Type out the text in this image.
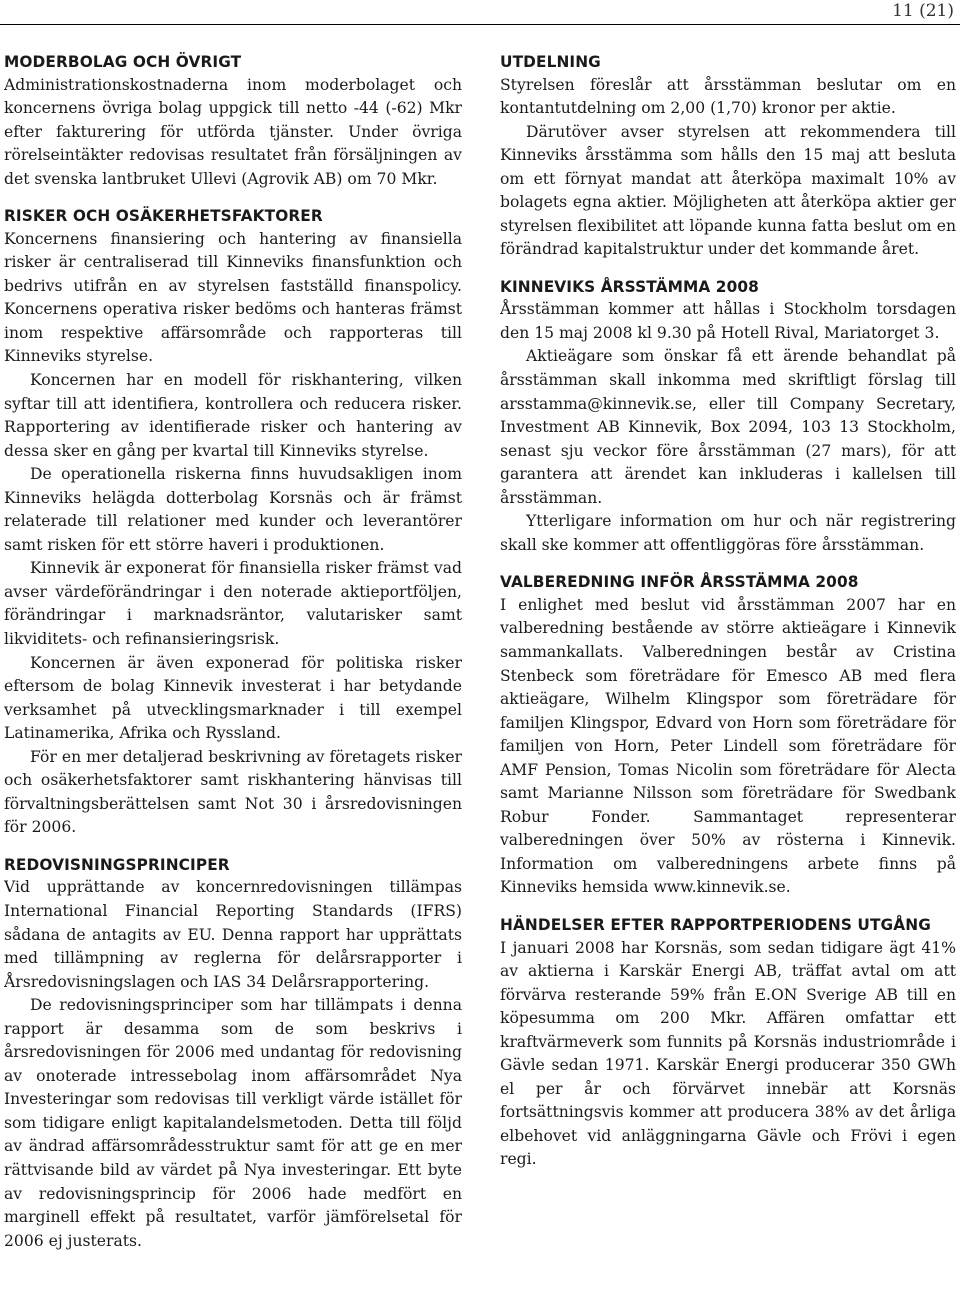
11 (21)
MODERBOLAG OCH ÖVRIGT

Administrationskostnaderna inom moderbolaget och koncernens övriga bolag uppgick till netto -44 (-62) Mkr efter fakturering för utförda tjänster. Under övriga rörelseintäkter redovisas resultatet från försäljningen av det svenska lantbruket Ullevi (Agrovik AB) om 70 Mkr.

RISKER OCH OSÄKERHETSFAKTORER

Koncernens finansiering och hantering av finansiella risker är centraliserad till Kinneviks finansfunktion och bedrivs utifrån en av styrelsen fastställd finanspolicy. Koncernens operativa risker bedöms och hanteras främst inom respektive affärsområde och rapporteras till Kinneviks styrelse.

Koncernen har en modell för riskhantering, vilken syftar till att identifiera, kontrollera och reducera risker. Rapportering av identifierade risker och hantering av dessa sker en gång per kvartal till Kinneviks styrelse.

De operationella riskerna finns huvudsakligen inom Kinneviks helägda dotterbolag Korsnäs och är främst relaterade till relationer med kunder och leverantörer samt risken för ett större haveri i produktionen.

Kinnevik är exponerat för finansiella risker främst vad avser värdeförändringar i den noterade aktieportföljen, förändringar i marknadsräntor, valutarisker samt likviditets- och refinansieringsrisk.

Koncernen är även exponerad för politiska risker eftersom de bolag Kinnevik investerat i har betydande verksamhet på utvecklingsmarknader i till exempel Latinamerika, Afrika och Ryssland.

För en mer detaljerad beskrivning av företagets risker och osäkerhetsfaktorer samt riskhantering hänvisas till förvaltningsberättelsen samt Not 30 i årsredovisningen för 2006.

REDOVISNINGSPRINCIPER

Vid upprättande av koncernredovisningen tillämpas International Financial Reporting Standards (IFRS) sådana de antagits av EU. Denna rapport har upprättats med tillämpning av reglerna för delårsrapporter i Årsredovisningslagen och IAS 34 Delårsrapportering.

De redovisningsprinciper som har tillämpats i denna rapport är desamma som de som beskrivs i årsredovisningen för 2006 med undantag för redovisning av onoterade intressebolag inom affärsområdet Nya Investeringar som redovisas till verkligt värde istället för som tidigare enligt kapitalandelsmetoden. Detta till följd av ändrad affärsområdesstruktur samt för att ge en mer rättvisande bild av värdet på Nya investeringar. Ett byte av redovisningsprincip för 2006 hade medfört en marginell effekt på resultatet, varför jämförelsetal för 2006 ej justerats.

UTDELNING

Styrelsen föreslår att årsstämman beslutar om en kontantutdelning om 2,00 (1,70) kronor per aktie.

Därutöver avser styrelsen att rekommendera till Kinneviks årsstämma som hålls den 15 maj att besluta om ett förnyat mandat att återköpa maximalt 10% av bolagets egna aktier. Möjligheten att återköpa aktier ger styrelsen flexibilitet att löpande kunna fatta beslut om en förändrad kapitalstruktur under det kommande året.

KINNEVIKS ÅRSSTÄMMA 2008

Årsstämman kommer att hållas i Stockholm torsdagen den 15 maj 2008 kl 9.30 på Hotell Rival, Mariatorget 3.

Aktieägare som önskar få ett ärende behandlat på årsstämman skall inkomma med skriftligt förslag till arsstamma@kinnevik.se, eller till Company Secretary, Investment AB Kinnevik, Box 2094, 103 13 Stockholm, senast sju veckor före årsstämman (27 mars), för att garantera att ärendet kan inkluderas i kallelsen till årsstämman.

Ytterligare information om hur och när registrering skall ske kommer att offentliggöras före årsstämman.

VALBEREDNING INFÖR ÅRSSTÄMMA 2008

I enlighet med beslut vid årsstämman 2007 har en valberedning bestående av större aktieägare i Kinnevik sammankallats. Valberedningen består av Cristina Stenbeck som företrädare för Emesco AB med flera aktieägare, Wilhelm Klingspor som företrädare för familjen Klingspor, Edvard von Horn som företrädare för familjen von Horn, Peter Lindell som företrädare för AMF Pension, Tomas Nicolin som företrädare för Alecta samt Marianne Nilsson som företrädare för Swedbank Robur Fonder. Sammantaget representerar valberedningen över 50% av rösterna i Kinnevik. Information om valberedningens arbete finns på Kinneviks hemsida www.kinnevik.se.

HÄNDELSER EFTER RAPPORTPERIODENS UTGÅNG

I januari 2008 har Korsnäs, som sedan tidigare ägt 41% av aktierna i Karskär Energi AB, träffat avtal om att förvärva resterande 59% från E.ON Sverige AB till en köpesumma om 200 Mkr. Affären omfattar ett kraftvärmeverk som funnits på Korsnäs industriområde i Gävle sedan 1971. Karskär Energi producerar 350 GWh el per år och förvärvet innebär att Korsnäs fortsättningsvis kommer att producera 38% av det årliga elbehovet vid anläggningarna Gävle och Frövi i egen regi.
